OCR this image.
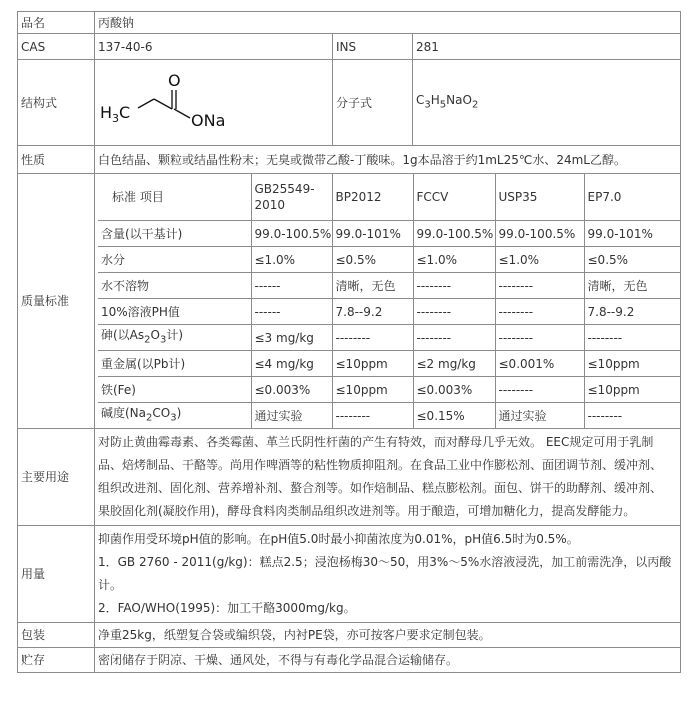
品名	丙酸钠
CAS	137-40-6	INS	281
结构式	$H_3C$
O
ONa
	分子式	$C_3H_5NaO_2$
性质	白色结晶、颗粒或结晶性粉末；无臭或微带乙酸-丁酸味。1g本品溶于约1mL25℃水、24mL乙醇。
质量标准	
标准 项目	GB25549-2010	BP2012	FCCV	USP35	EP7.0
含量(以干基计)	99.0-100.5%	99.0-101%	99.0-100.5%	99.0-100.5%	99.0-101%
水分	≤1.0%	≤0.5%	≤1.0%	≤1.0%	≤0.5%
水不溶物	------	清晰，无色	--------	--------	清晰，无色
10%溶液PH值	------	7.8--9.2	--------	--------	7.8--9.2
砷(以$As_2O_3$计)	≤3 mg/kg	--------	--------	--------	--------
重金属(以Pb计)	≤4 mg/kg	≤10ppm	≤2 mg/kg	≤0.001%	≤10ppm
铁(Fe)	≤0.003%	≤10ppm	≤0.003%	--------	≤10ppm
碱度$(Na_2CO_3)$	通过实验	--------	≤0.15%	通过实验	--------

主要用途	
对防止黄曲霉毒素、各类霉菌、革兰氏阴性杆菌的产生有特效，而对酵母几乎无效。 EEC规定可用于乳制
品、焙烤制品、干酪等。尚用作啤酒等的粘性物质抑阻剂。在食品工业中作膨松剂、面团调节剂、缓冲剂、
组织改进剂、固化剂、营养增补剂、螯合剂等。如作焙制品、糕点膨松剂。面包、饼干的助酵剂、缓冲剂、
果胶固化剂(凝胶作用)，酵母食料肉类制品组织改进剂等。用于酿造，可增加糖化力，提高发酵能力。

用量	
抑菌作用受环境pH值的影响。在pH值5.0时最小抑菌浓度为0.01%，pH值6.5时为0.5%。
1．GB 2760 - 2011(g/kg)：糕点2.5；浸泡杨梅30～50，用3%～5%水溶液浸洗，加工前需洗净，以丙酸
计。
2．FAO/WHO(1995)：加工干酪3000mg/kg。

包装	净重25kg，纸塑复合袋或编织袋，内衬PE袋，亦可按客户要求定制包装。
贮存	密闭储存于阴凉、干燥、通风处，不得与有毒化学品混合运输储存。
